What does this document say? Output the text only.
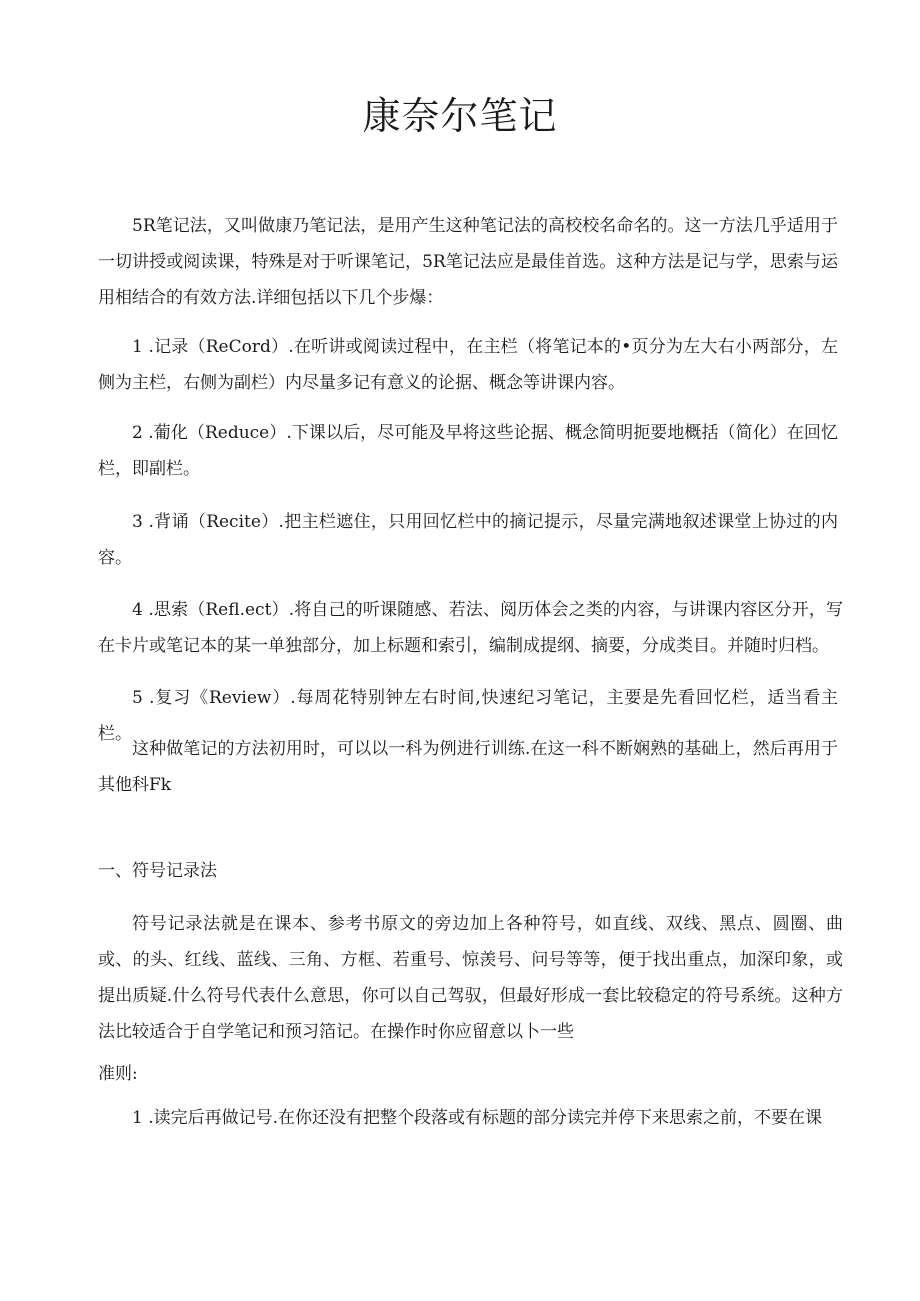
康奈尔笔记

5R笔记法，又叫做康乃笔记法，是用产生这种笔记法的高校校名命名的。这一方法几乎适用于一切讲授或阅读课，特殊是对于听课笔记，5R笔记法应是最佳首选。这种方法是记与学，思索与运用相结合的有效方法.详细包括以下几个步爆：

1 .记录（ReCord）.在听讲或阅读过程中，在主栏（将笔记本的•页分为左大右小两部分，左侧为主栏，右侧为副栏）内尽量多记有意义的论据、概念等讲课内容。

2 .葡化（Reduce）.下课以后，尽可能及早将这些论据、概念简明扼要地概括（简化）在回忆栏，即副栏。

3 .背诵（Recite）.把主栏遮住，只用回忆栏中的摘记提示，尽量完满地叙述课堂上协过的内容。

4 .思索（Refl.ect）.将自己的听课随感、若法、阅历体会之类的内容，与讲课内容区分开，写在卡片或笔记本的某一单独部分，加上标题和索引，编制成提纲、摘要，分成类目。并随时归档。

5 .复习《Review）.每周花特别钟左右时间,快速纪习笔记，主要是先看回忆栏，适当看主栏。

这种做笔记的方法初用时，可以以一科为例进行训练.在这一科不断娴熟的基础上，然后再用于其他科Fk

一、符号记录法

符号记录法就是在课本、参考书原文的旁边加上各种符号，如直线、双线、黑点、圆圈、曲或、的头、红线、蓝线、三角、方框、若重号、惊羡号、问号等等，便于找出重点，加深印象，或提出质疑.什么符号代表什么意思，你可以自己驾驭，但最好形成一套比较稳定的符号系统。这种方法比较适合于自学笔记和预习箔记。在操作时你应留意以卜一些

准则:

1 .读完后再做记号.在你还没有把整个段落或有标题的部分读完并停下来思索之前，不要在课
